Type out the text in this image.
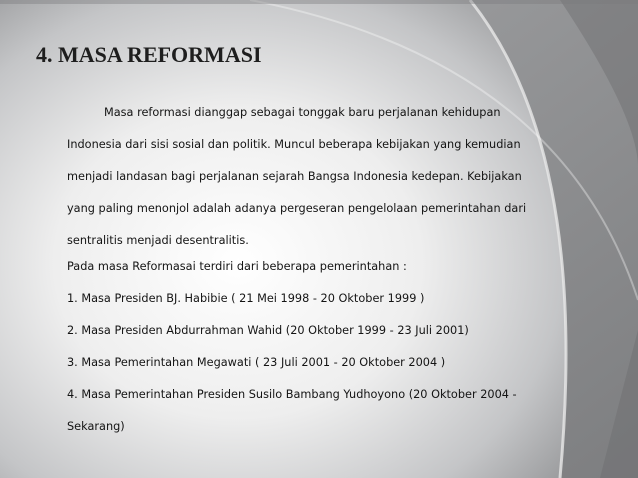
4. MASA REFORMASI
Masa reformasi dianggap sebagai tonggak baru perjalanan kehidupan
Indonesia dari sisi sosial dan politik. Muncul beberapa kebijakan yang kemudian
menjadi landasan bagi perjalanan sejarah Bangsa Indonesia kedepan. Kebijakan
yang paling menonjol adalah adanya pergeseran pengelolaan pemerintahan dari
sentralitis menjadi desentralitis.
Pada masa Reformasai terdiri dari beberapa pemerintahan :
1. Masa Presiden BJ. Habibie ( 21 Mei 1998 - 20 Oktober 1999 )
2. Masa Presiden Abdurrahman Wahid (20 Oktober 1999 - 23 Juli 2001)
3. Masa Pemerintahan Megawati ( 23 Juli 2001 - 20 Oktober 2004 )
4. Masa Pemerintahan Presiden Susilo Bambang Yudhoyono (20 Oktober 2004 -
Sekarang)
